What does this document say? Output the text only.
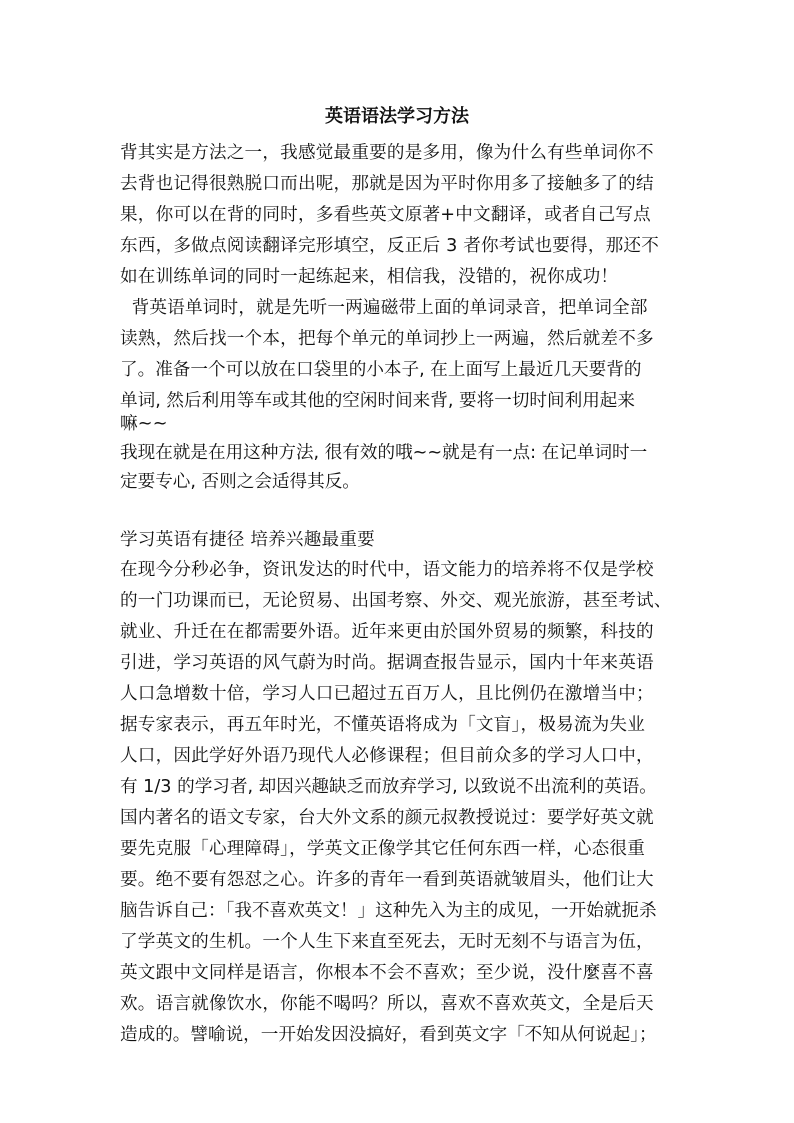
英语语法学习方法
背其实是方法之一，我感觉最重要的是多用，像为什么有些单词你不
去背也记得很熟脱口而出呢，那就是因为平时你用多了接触多了的结
果，你可以在背的同时，多看些英文原著+中文翻译，或者自己写点
东西，多做点阅读翻译完形填空，反正后 3 者你考试也要得，那还不
如在训练单词的同时一起练起来，相信我，没错的，祝你成功！
背英语单词时，就是先听一两遍磁带上面的单词录音，把单词全部
读熟，然后找一个本，把每个单元的单词抄上一两遍，然后就差不多
了。准备一个可以放在口袋里的小本子, 在上面写上最近几天要背的
单词, 然后利用等车或其他的空闲时间来背, 要将一切时间利用起来
嘛~~
我现在就是在用这种方法, 很有效的哦~~就是有一点: 在记单词时一
定要专心, 否则之会适得其反。
学习英语有捷径 培养兴趣最重要
在现今分秒必争，资讯发达的时代中，语文能力的培养将不仅是学校
的一门功课而已，无论贸易、出国考察、外交、观光旅游，甚至考试、
就业、升迁在在都需要外语。近年来更由於国外贸易的频繁，科技的
引进，学习英语的风气蔚为时尚。据调查报告显示，国内十年来英语
人口急增数十倍，学习人口已超过五百万人，且比例仍在激增当中；
据专家表示，再五年时光，不懂英语将成为「文盲」，极易流为失业
人口，因此学好外语乃现代人必修课程；但目前众多的学习人口中，
有 1/3 的学习者, 却因兴趣缺乏而放弃学习, 以致说不出流利的英语。
国内著名的语文专家，台大外文系的颜元叔教授说过：要学好英文就
要先克服「心理障碍」，学英文正像学其它任何东西一样，心态很重
要。绝不要有怨怼之心。许多的青年一看到英语就皱眉头，他们让大
脑告诉自己：「我不喜欢英文！」这种先入为主的成见，一开始就扼杀
了学英文的生机。一个人生下来直至死去，无时无刻不与语言为伍，
英文跟中文同样是语言，你根本不会不喜欢；至少说，没什麼喜不喜
欢。语言就像饮水，你能不喝吗？所以，喜欢不喜欢英文，全是后天
造成的。譬喻说，一开始发因没搞好，看到英文字「不知从何说起」；
